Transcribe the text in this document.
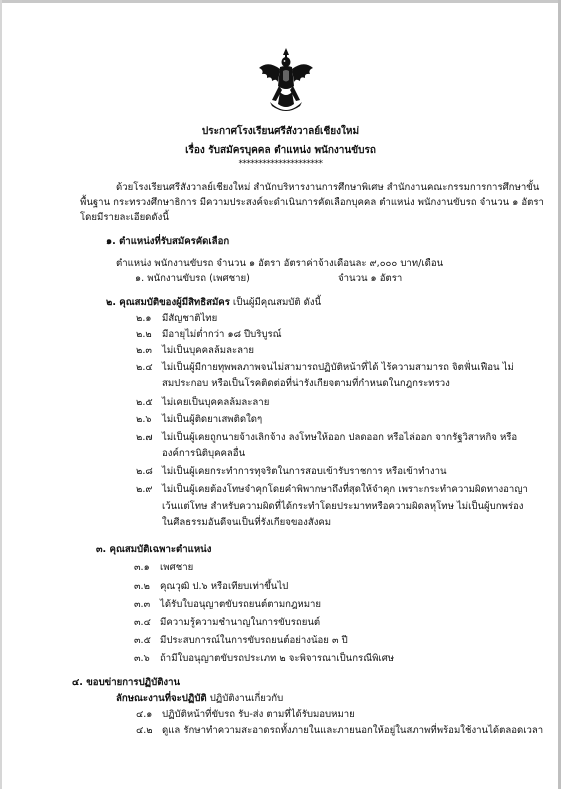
ประกาศโรงเรียนศรีสังวาลย์เชียงใหม่
เรื่อง รับสมัครบุคคล ตำแหน่ง พนักงานขับรถ
*********************
ด้วยโรงเรียนศรีสังวาลย์เชียงใหม่ สำนักบริหารงานการศึกษาพิเศษ สำนักงานคณะกรรมการการศึกษาขั้น
พื้นฐาน กระทรวงศึกษาธิการ มีความประสงค์จะดำเนินการคัดเลือกบุคคล ตำแหน่ง พนักงานขับรถ จำนวน ๑ อัตรา
โดยมีรายละเอียดดังนี้
๑. ตำแหน่งที่รับสมัครคัดเลือก
ตำแหน่ง พนักงานขับรถ จำนวน ๑ อัตรา อัตราค่าจ้างเดือนละ ๙,๐๐๐ บาท/เดือน
๑. พนักงานขับรถ (เพศชาย)	จำนวน ๑ อัตรา
๒. คุณสมบัติของผู้มีสิทธิสมัคร เป็นผู้มีคุณสมบัติ ดังนี้
๒.๑ มีสัญชาติไทย
๒.๒ มีอายุไม่ต่ำกว่า ๑๘ ปีบริบูรณ์
๒.๓ ไม่เป็นบุคคลล้มละลาย
๒.๔ ไม่เป็นผู้มีกายทุพพลภาพจนไม่สามารถปฏิบัติหน้าที่ได้ ไร้ความสามารถ จิตฟั่นเฟือน ไม่
สมประกอบ หรือเป็นโรคติดต่อที่น่ารังเกียจตามที่กำหนดในกฎกระทรวง
๒.๕ ไม่เคยเป็นบุคคลล้มละลาย
๒.๖ ไม่เป็นผู้ติดยาเสพติดใดๆ
๒.๗ ไม่เป็นผู้เคยถูกนายจ้างเลิกจ้าง ลงโทษให้ออก ปลดออก หรือไล่ออก จากรัฐวิสาหกิจ หรือ
องค์การนิติบุคคลอื่น
๒.๘ ไม่เป็นผู้เคยกระทำการทุจริตในการสอบเข้ารับราชการ หรือเข้าทำงาน
๒.๙ ไม่เป็นผู้เคยต้องโทษจำคุกโดยคำพิพากษาถึงที่สุดให้จำคุก เพราะกระทำความผิดทางอาญา
เว้นแต่โทษ สำหรับความผิดที่ได้กระทำโดยประมาทหรือความผิดลหุโทษ ไม่เป็นผู้บกพร่อง
ในศีลธรรมอันดีจนเป็นที่รังเกียจของสังคม
๓. คุณสมบัติเฉพาะตำแหน่ง
๓.๑ เพศชาย
๓.๒ คุณวุฒิ ป.๖ หรือเทียบเท่าขึ้นไป
๓.๓ ได้รับใบอนุญาตขับรถยนต์ตามกฎหมาย
๓.๔ มีความรู้ความชำนาญในการขับรถยนต์
๓.๕ มีประสบการณ์ในการขับรถยนต์อย่างน้อย ๓ ปี
๓.๖ ถ้ามีใบอนุญาตขับรถประเภท ๒ จะพิจารณาเป็นกรณีพิเศษ
๔. ขอบข่ายการปฏิบัติงาน
ลักษณะงานที่จะปฏิบัติ ปฏิบัติงานเกี่ยวกับ
๔.๑ ปฏิบัติหน้าที่ขับรถ รับ-ส่ง ตามที่ได้รับมอบหมาย
๔.๒ ดูแล รักษาทำความสะอาดรถทั้งภายในและภายนอกให้อยู่ในสภาพที่พร้อมใช้งานได้ตลอดเวลา
